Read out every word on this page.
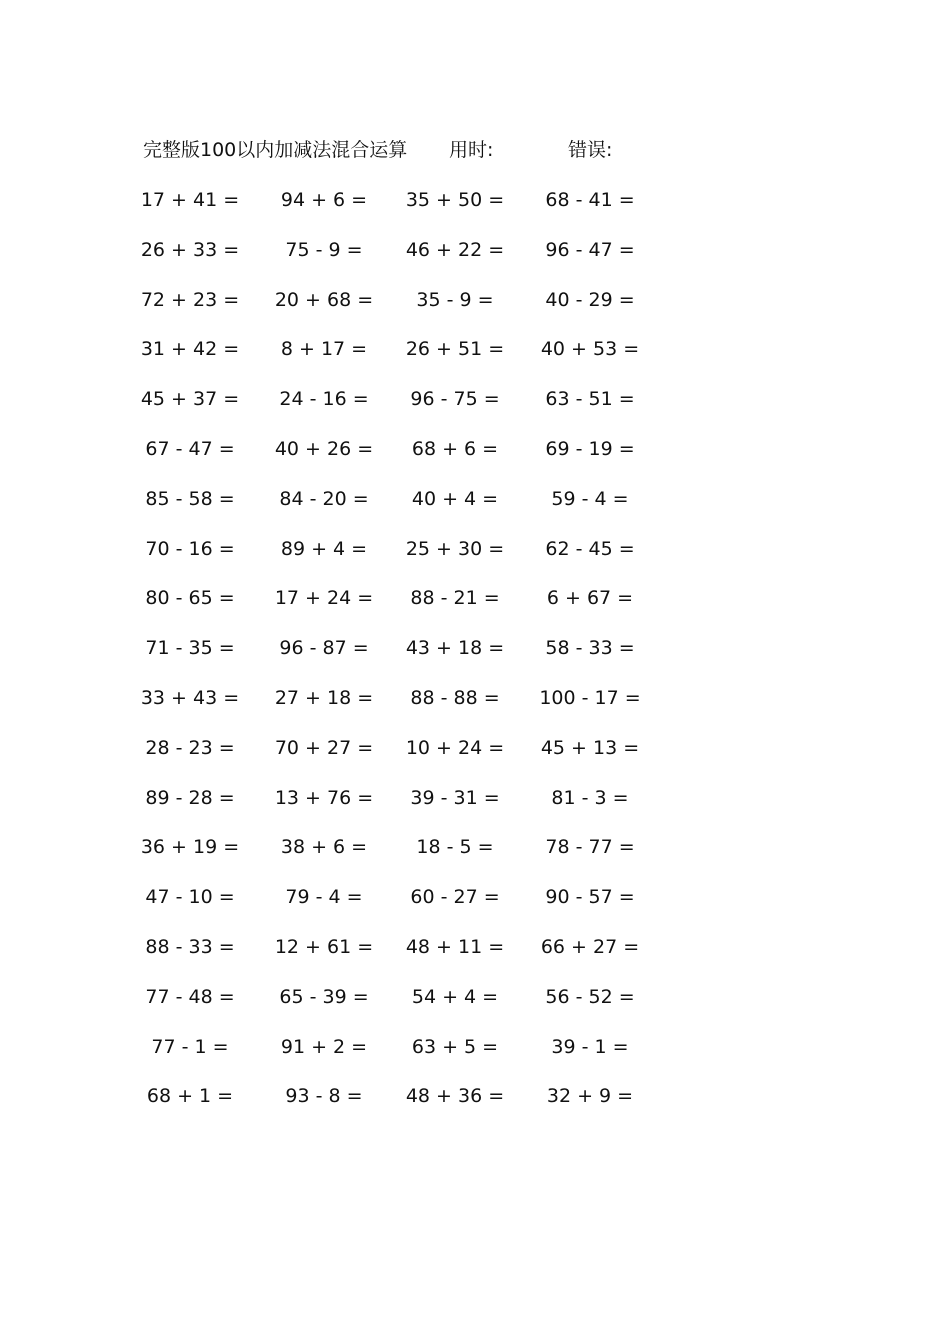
完整版100以内加减法混合运算 用时:	错误:
17 + 41 =	94 + 6 =	35 + 50 =	68 - 41 =
26 + 33 =	75 - 9 =	46 + 22 =	96 - 47 =
72 + 23 =	20 + 68 =	35 - 9 =	40 - 29 =
31 + 42 =	8 + 17 =	26 + 51 =	40 + 53 =
45 + 37 =	24 - 16 =	96 - 75 =	63 - 51 =
67 - 47 =	40 + 26 =	68 + 6 =	69 - 19 =
85 - 58 =	84 - 20 =	40 + 4 =	59 - 4 =
70 - 16 =	89 + 4 =	25 + 30 =	62 - 45 =
80 - 65 =	17 + 24 =	88 - 21 =	6 + 67 =
71 - 35 =	96 - 87 =	43 + 18 =	58 - 33 =
33 + 43 =	27 + 18 =	88 - 88 =	100 - 17 =
28 - 23 =	70 + 27 =	10 + 24 =	45 + 13 =
89 - 28 =	13 + 76 =	39 - 31 =	81 - 3 =
36 + 19 =	38 + 6 =	18 - 5 =	78 - 77 =
47 - 10 =	79 - 4 =	60 - 27 =	90 - 57 =
88 - 33 =	12 + 61 =	48 + 11 =	66 + 27 =
77 - 48 =	65 - 39 =	54 + 4 =	56 - 52 =
77 - 1 =	91 + 2 =	63 + 5 =	39 - 1 =
68 + 1 =	93 - 8 =	48 + 36 =	32 + 9 =
